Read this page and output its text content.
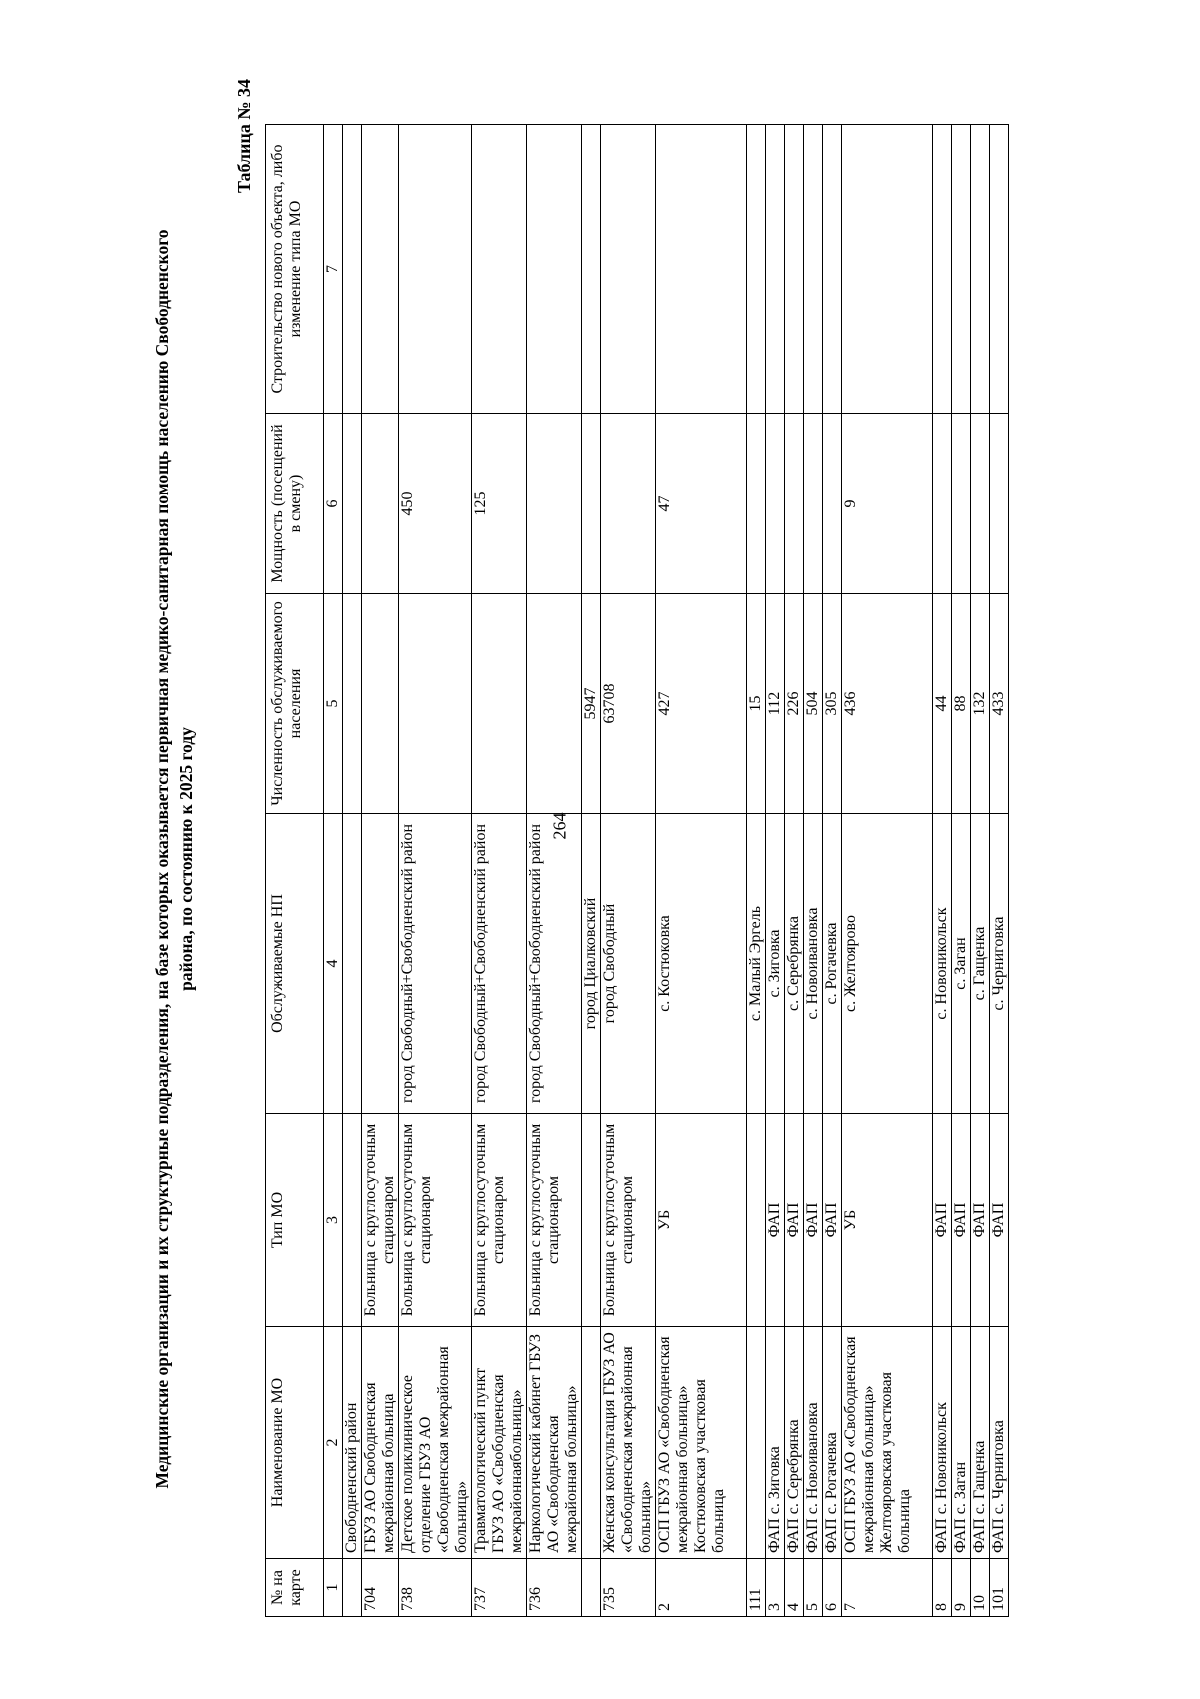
264
Медицинские организации и их структурные подразделения, на базе которых оказывается первичная медико-санитарная помощь населению Свободненского района, по состоянию к 2025 году
Таблица № 34
№ на карте	Наименование МО	Тип МО	Обслуживаемые НП	Численность обслуживаемого населения	Мощность (посещений в смену)	Строительство нового объекта, либо изменение типа МО
1	2	3	4	5	6	7
	Свободненский район					
704	ГБУЗ АО Свободненская межрайонная больница	Больница с круглосуточным стационаром				
738	Детское поликлиническое отделение ГБУЗ АО «Свободненская межрайонная больница»	Больница с круглосуточным стационаром	город Свободный+Свободненский район		450	
737	Травматологический пункт ГБУЗ АО «Свободненская межрайоннаябольница»	Больница с круглосуточным стационаром	город Свободный+Свободненский район		125	
736	Наркологический кабинет ГБУЗ АО «Свободненская межрайонная больница»	Больница с круглосуточным стационаром	город Свободный+Свободненский район			
			город Циалковский	5947		
735	Женская консультация ГБУЗ АО «Свободненская межрайонная больница»	Больница с круглосуточным стационаром	город Свободный	63708		
2	ОСП ГБУЗ АО «Свободненская межрайонная больница» Костюковская участковая больница	УБ	с. Костюковка	427	47	
111			с. Малый Эргель	15		
3	ФАП с. Зиговка	ФАП	с. Зиговка	112		
4	ФАП с. Серебрянка	ФАП	с. Серебрянка	226		
5	ФАП с. Новоивановка	ФАП	с. Новоивановка	504		
6	ФАП с. Рогачевка	ФАП	с. Рогачевка	305		
7	ОСП ГБУЗ АО «Свободненская межрайонная больница» Желтояровская участковая больница	УБ	с. Желтоярово	436	9	
8	ФАП с. Новоникольск	ФАП	с. Новоникольск	44		
9	ФАП с. Заган	ФАП	с. Заган	88		
10	ФАП с. Гащенка	ФАП	с. Гащенка	132		
101	ФАП с. Черниговка	ФАП	с. Черниговка	433		
